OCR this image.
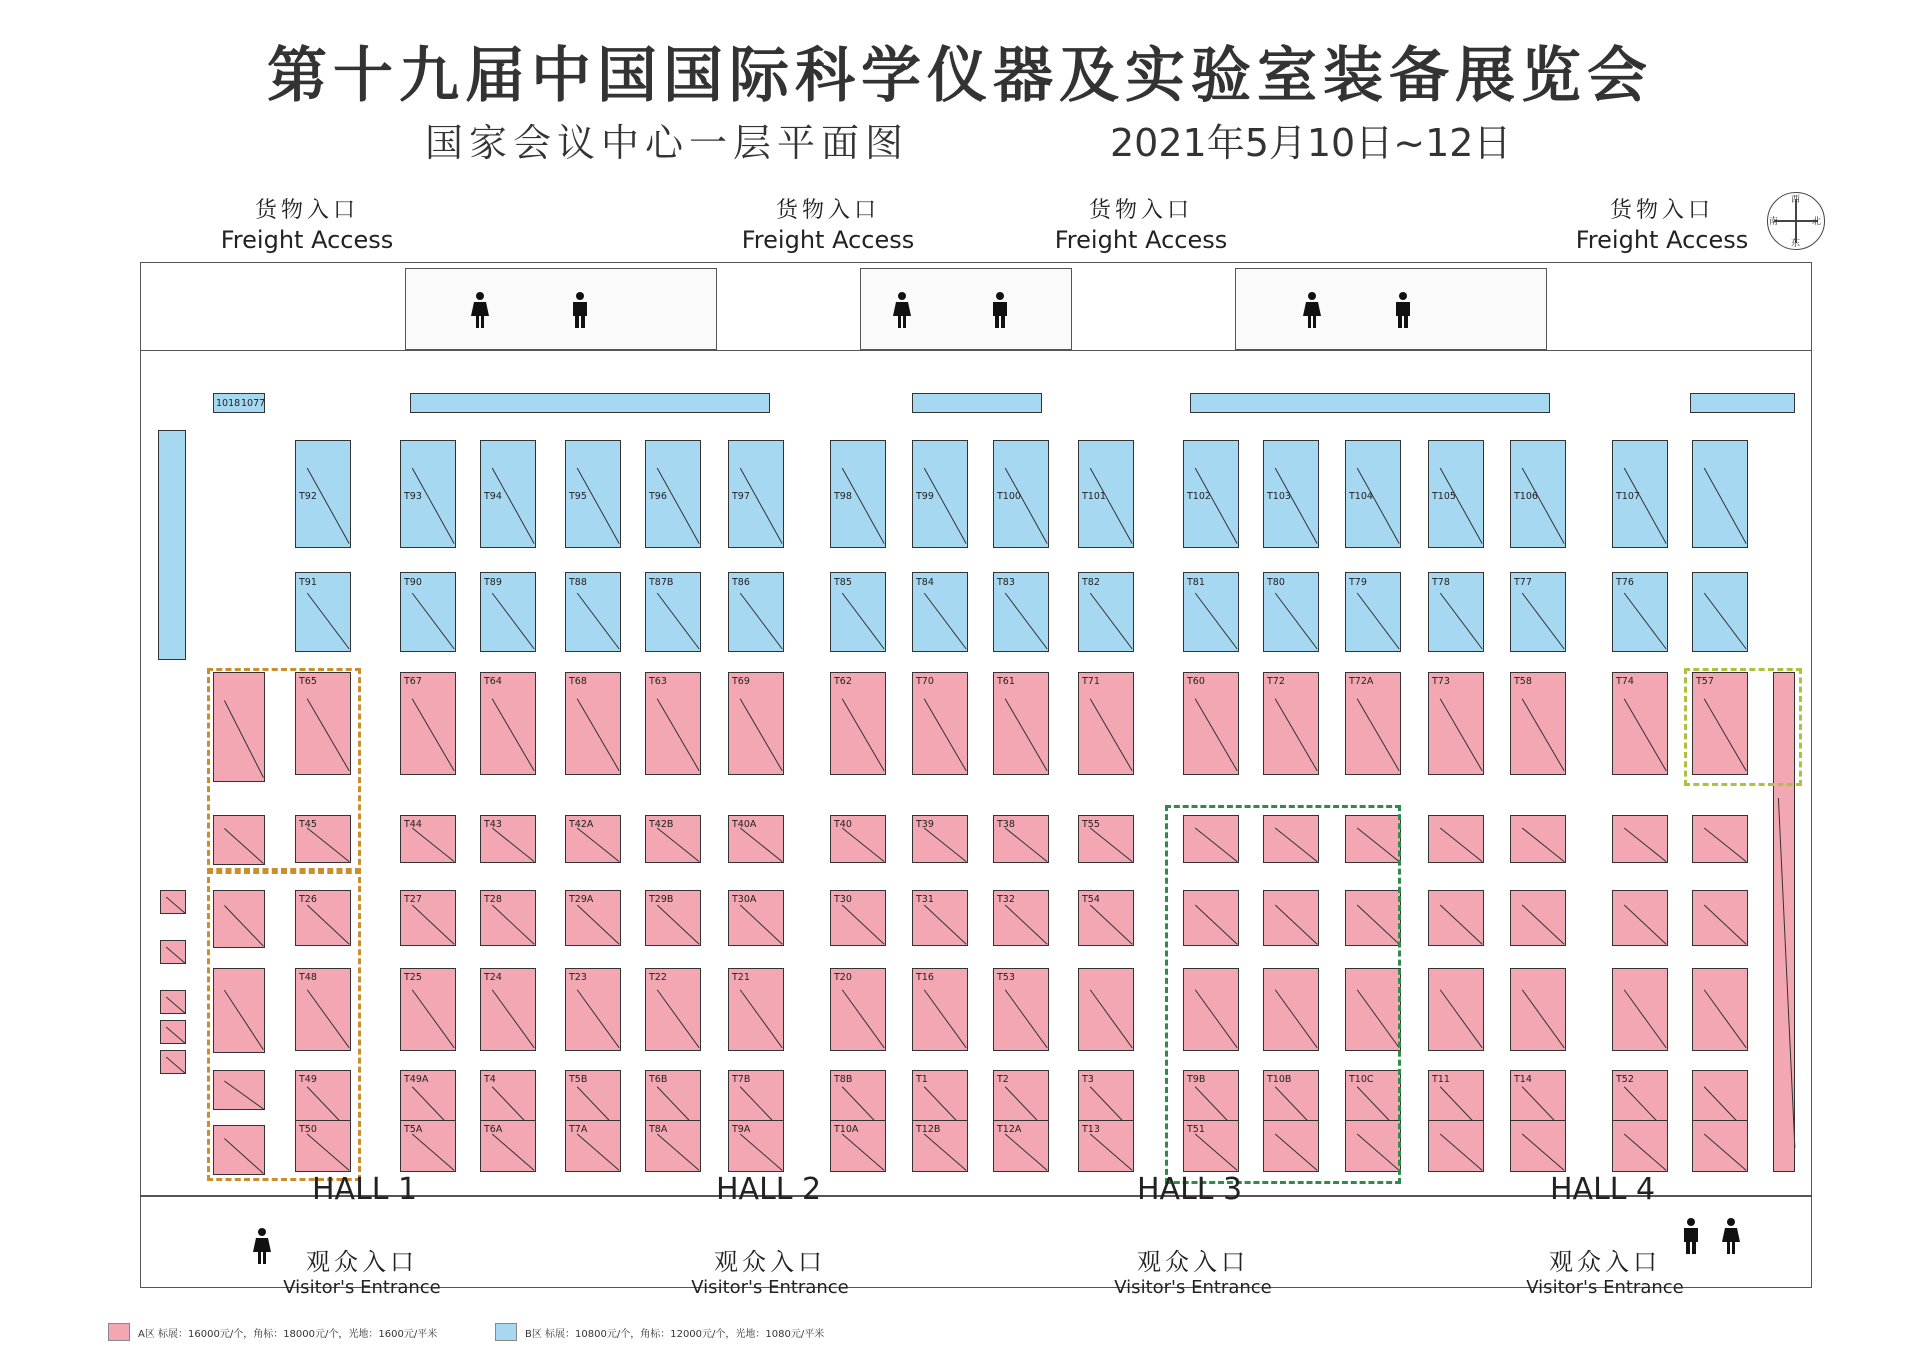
第十九届中国国际科学仪器及实验室装备展览会
国家会议中心一层平面图	2021年5月10日~12日
货物入口
Freight Access
货物入口
Freight Access
货物入口
Freight Access
货物入口
Freight Access
西
东
南	北
1018 1077
T92	T93	T94	T95	T96	T97	T98	T99	T100	T101	T102	T103	T104	T105	T106	T107
T91	T90	T89	T88	T87B	T86	T85	T84	T83	T82	T81	T80	T79	T78	T77	T76
T65	T67	T64	T68	T63	T69	T62	T70	T61	T71	T60	T72	T72A	T73	T58	T74	T57
T45	T44	T43	T42A	T42B	T40A	T40	T39	T38	T55
T26	T27	T28	T29A	T29B	T30A	T30	T31	T32	T54
T48	T25	T24	T23	T22	T21	T20	T16	T53
T49	T49A	T4	T5B	T6B	T7B	T8B	T1	T2	T3	T9B	T10B	T10C	T11	T14	T52
T50	T5A	T6A	T7A	T8A	T9A	T10A	T12B	T12A	T13	T51
HALL 1	HALL 2	HALL 3	HALL 4
观众入口
Visitor's Entrance
观众入口
Visitor's Entrance
观众入口
Visitor's Entrance
观众入口
Visitor's Entrance
A区 标展：16000元/个，角标：18000元/个，光地：1600元/平米	B区 标展：10800元/个，角标：12000元/个，光地：1080元/平米
